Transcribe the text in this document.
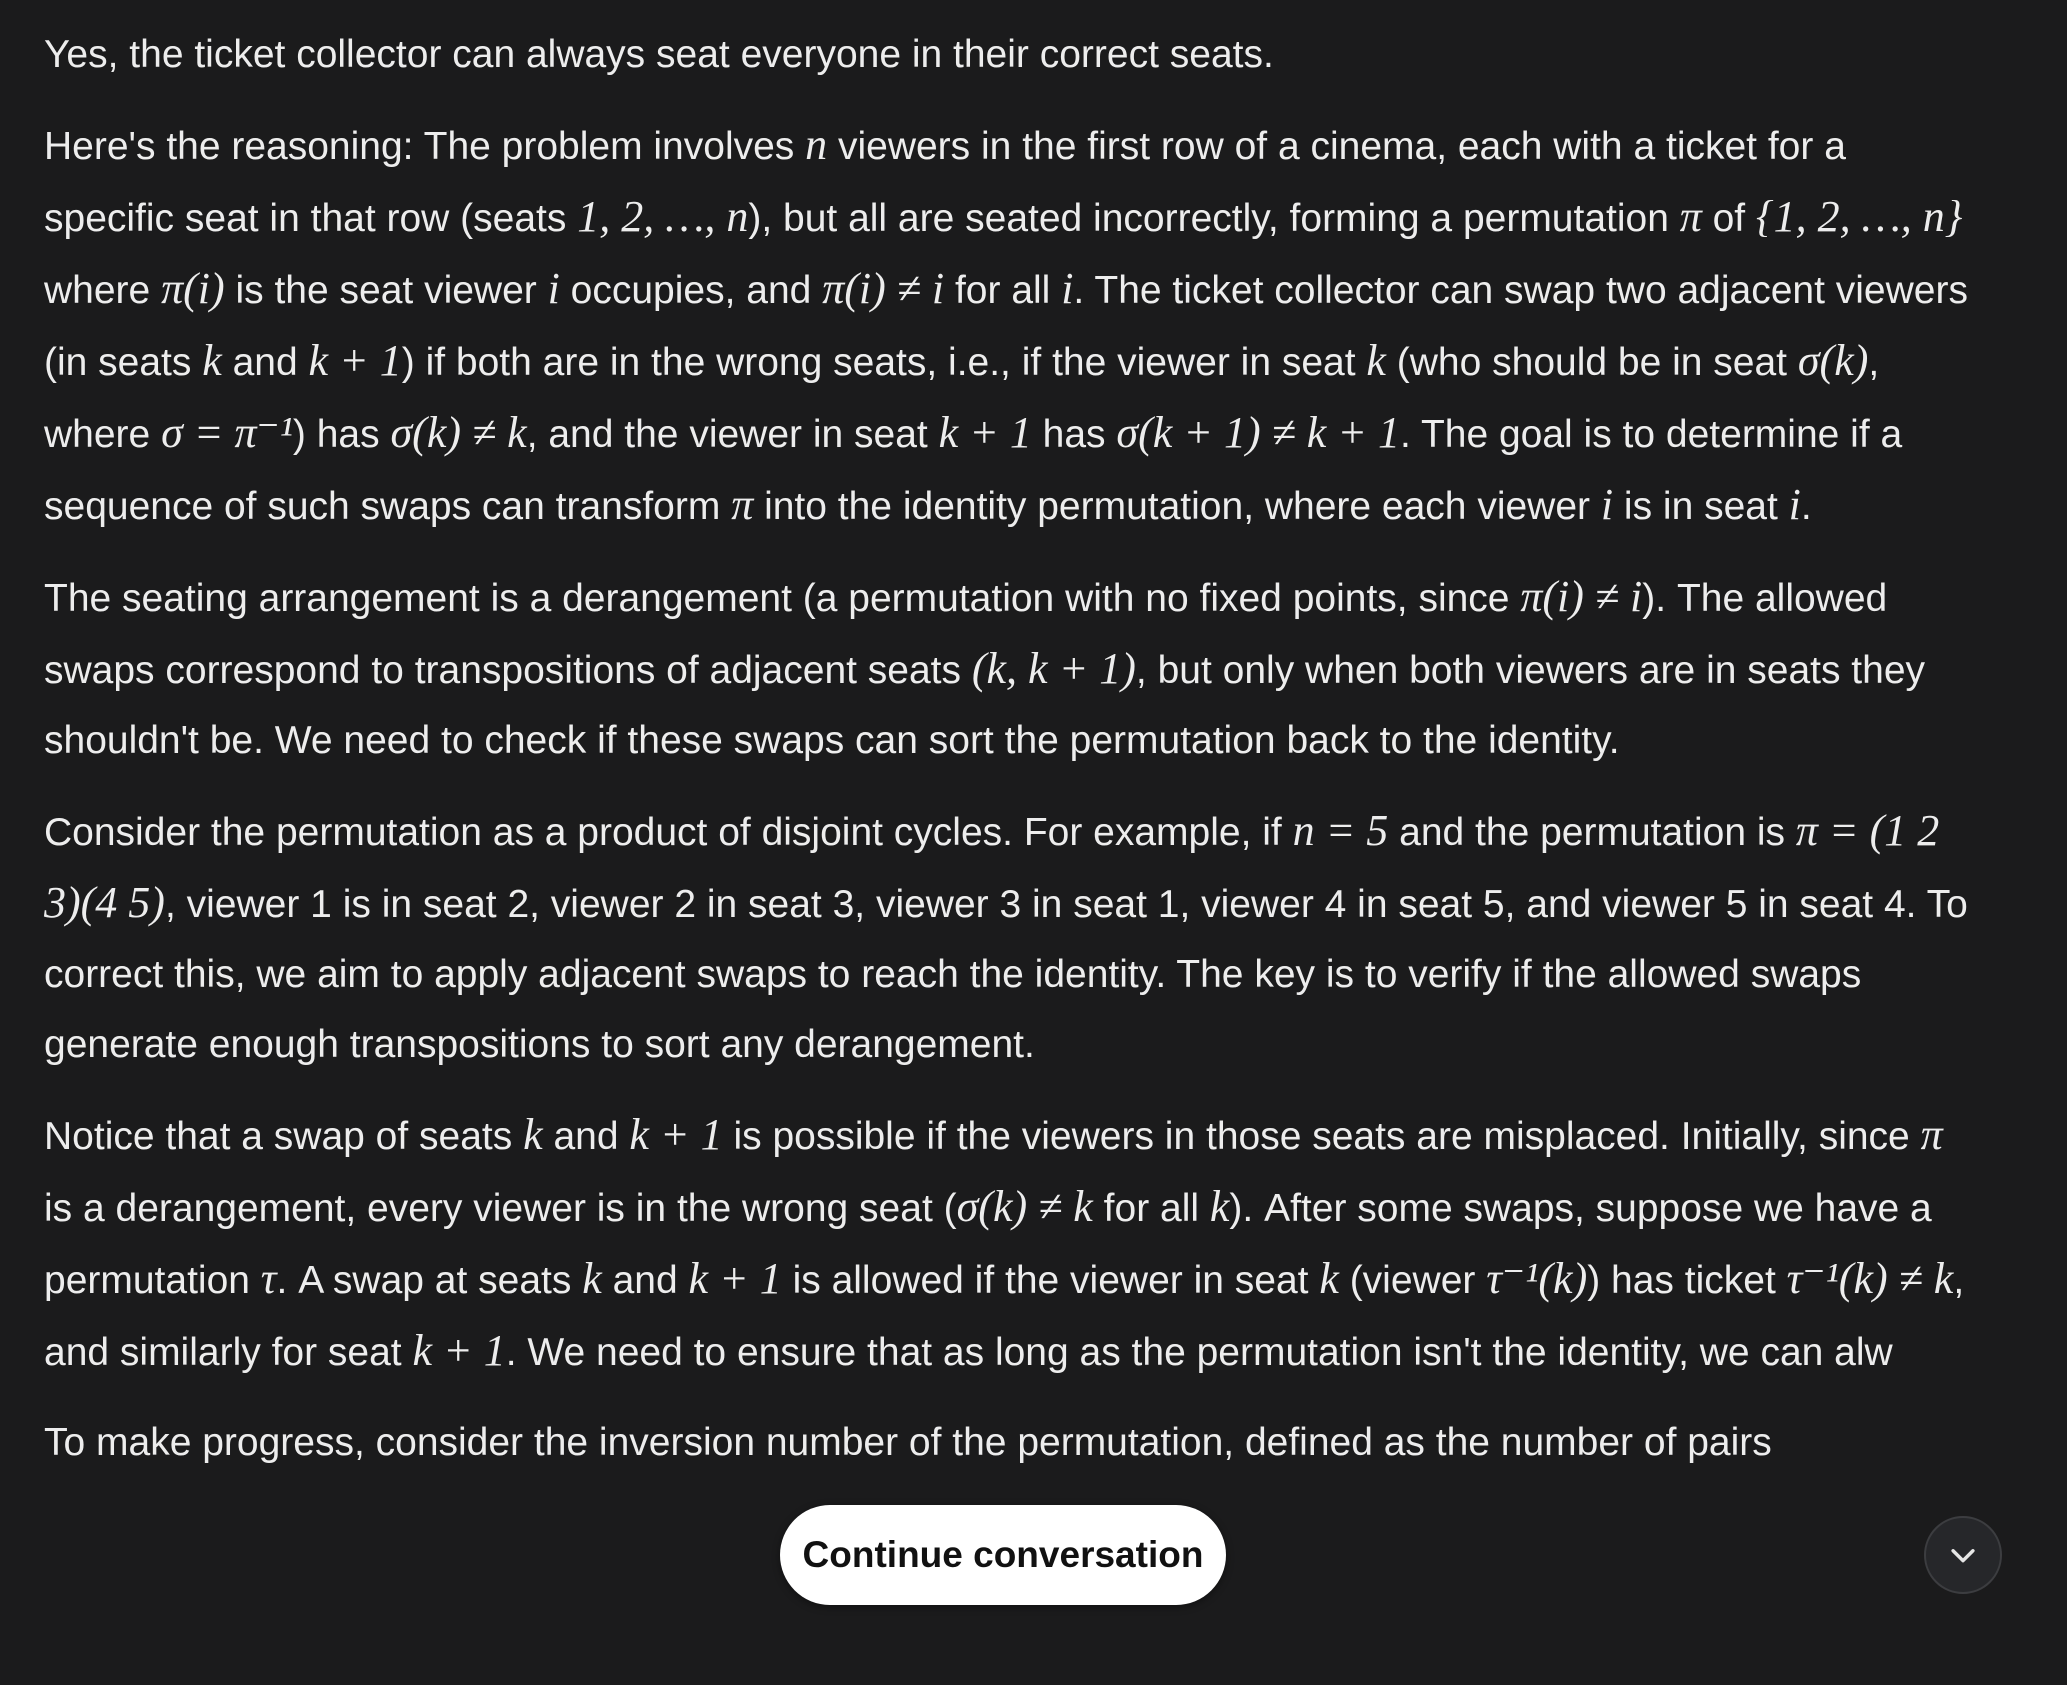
Yes, the ticket collector can always seat everyone in their correct seats.

Here's the reasoning: The problem involves n viewers in the first row of a cinema, each with a ticket for a specific seat in that row (seats 1, 2, …, n), but all are seated incorrectly, forming a permutation π of {1, 2, …, n} where π(i) is the seat viewer i occupies, and π(i) ≠ i for all i. The ticket collector can swap two adjacent viewers (in seats k and k + 1) if both are in the wrong seats, i.e., if the viewer in seat k (who should be in seat σ(k), where σ = π⁻¹) has σ(k) ≠ k, and the viewer in seat k + 1 has σ(k + 1) ≠ k + 1. The goal is to determine if a sequence of such swaps can transform π into the identity permutation, where each viewer i is in seat i.

The seating arrangement is a derangement (a permutation with no fixed points, since π(i) ≠ i). The allowed swaps correspond to transpositions of adjacent seats (k, k + 1), but only when both viewers are in seats they shouldn't be. We need to check if these swaps can sort the permutation back to the identity.

Consider the permutation as a product of disjoint cycles. For example, if n = 5 and the permutation is π = (1 2 3)(4 5), viewer 1 is in seat 2, viewer 2 in seat 3, viewer 3 in seat 1, viewer 4 in seat 5, and viewer 5 in seat 4. To correct this, we aim to apply adjacent swaps to reach the identity. The key is to verify if the allowed swaps generate enough transpositions to sort any derangement.

Notice that a swap of seats k and k + 1 is possible if the viewers in those seats are misplaced. Initially, since π is a derangement, every viewer is in the wrong seat (σ(k) ≠ k for all k). After some swaps, suppose we have a permutation τ. A swap at seats k and k + 1 is allowed if the viewer in seat k (viewer τ⁻¹(k)) has ticket τ⁻¹(k) ≠ k, and similarly for seat k + 1. We need to ensure that as long as the permutation isn't the identity, we can alw

To make progress, consider the inversion number of the permutation, defined as the number of pairs

Continue conversation
